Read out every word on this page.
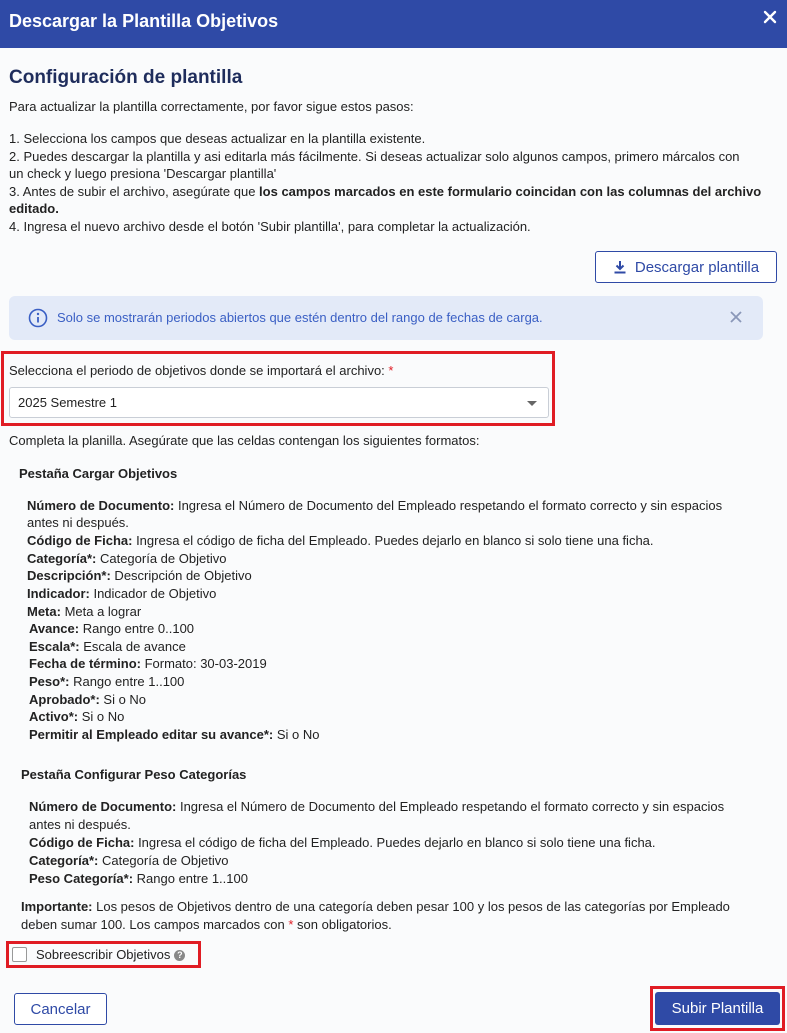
Descargar la Plantilla Objetivos
Configuración de plantilla
Para actualizar la plantilla correctamente, por favor sigue estos pasos:
1. Selecciona los campos que deseas actualizar en la plantilla existente.
2. Puedes descargar la plantilla y asi editarla más fácilmente. Si deseas actualizar solo algunos campos, primero márcalos con
un check y luego presiona 'Descargar plantilla'
3. Antes de subir el archivo, asegúrate que los campos marcados en este formulario coincidan con las columnas del archivo
editado.
4. Ingresa el nuevo archivo desde el botón 'Subir plantilla', para completar la actualización.
Descargar plantilla
Solo se mostrarán periodos abiertos que estén dentro del rango de fechas de carga.
Selecciona el periodo de objetivos donde se importará el archivo: *
2025 Semestre 1
Completa la planilla. Asegúrate que las celdas contengan los siguientes formatos:
Pestaña Cargar Objetivos
Número de Documento: Ingresa el Número de Documento del Empleado respetando el formato correcto y sin espacios
antes ni después.
Código de Ficha: Ingresa el código de ficha del Empleado. Puedes dejarlo en blanco si solo tiene una ficha.
Categoría*: Categoría de Objetivo
Descripción*: Descripción de Objetivo
Indicador: Indicador de Objetivo
Meta: Meta a lograr
Avance: Rango entre 0..100
Escala*: Escala de avance
Fecha de término: Formato: 30-03-2019
Peso*: Rango entre 1..100
Aprobado*: Si o No
Activo*: Si o No
Permitir al Empleado editar su avance*: Si o No
Pestaña Configurar Peso Categorías
Número de Documento: Ingresa el Número de Documento del Empleado respetando el formato correcto y sin espacios
antes ni después.
Código de Ficha: Ingresa el código de ficha del Empleado. Puedes dejarlo en blanco si solo tiene una ficha.
Categoría*: Categoría de Objetivo
Peso Categoría*: Rango entre 1..100
Importante: Los pesos de Objetivos dentro de una categoría deben pesar 100 y los pesos de las categorías por Empleado
deben sumar 100. Los campos marcados con * son obligatorios.
Sobreescribir Objetivos ?
Cancelar	Subir Plantilla
